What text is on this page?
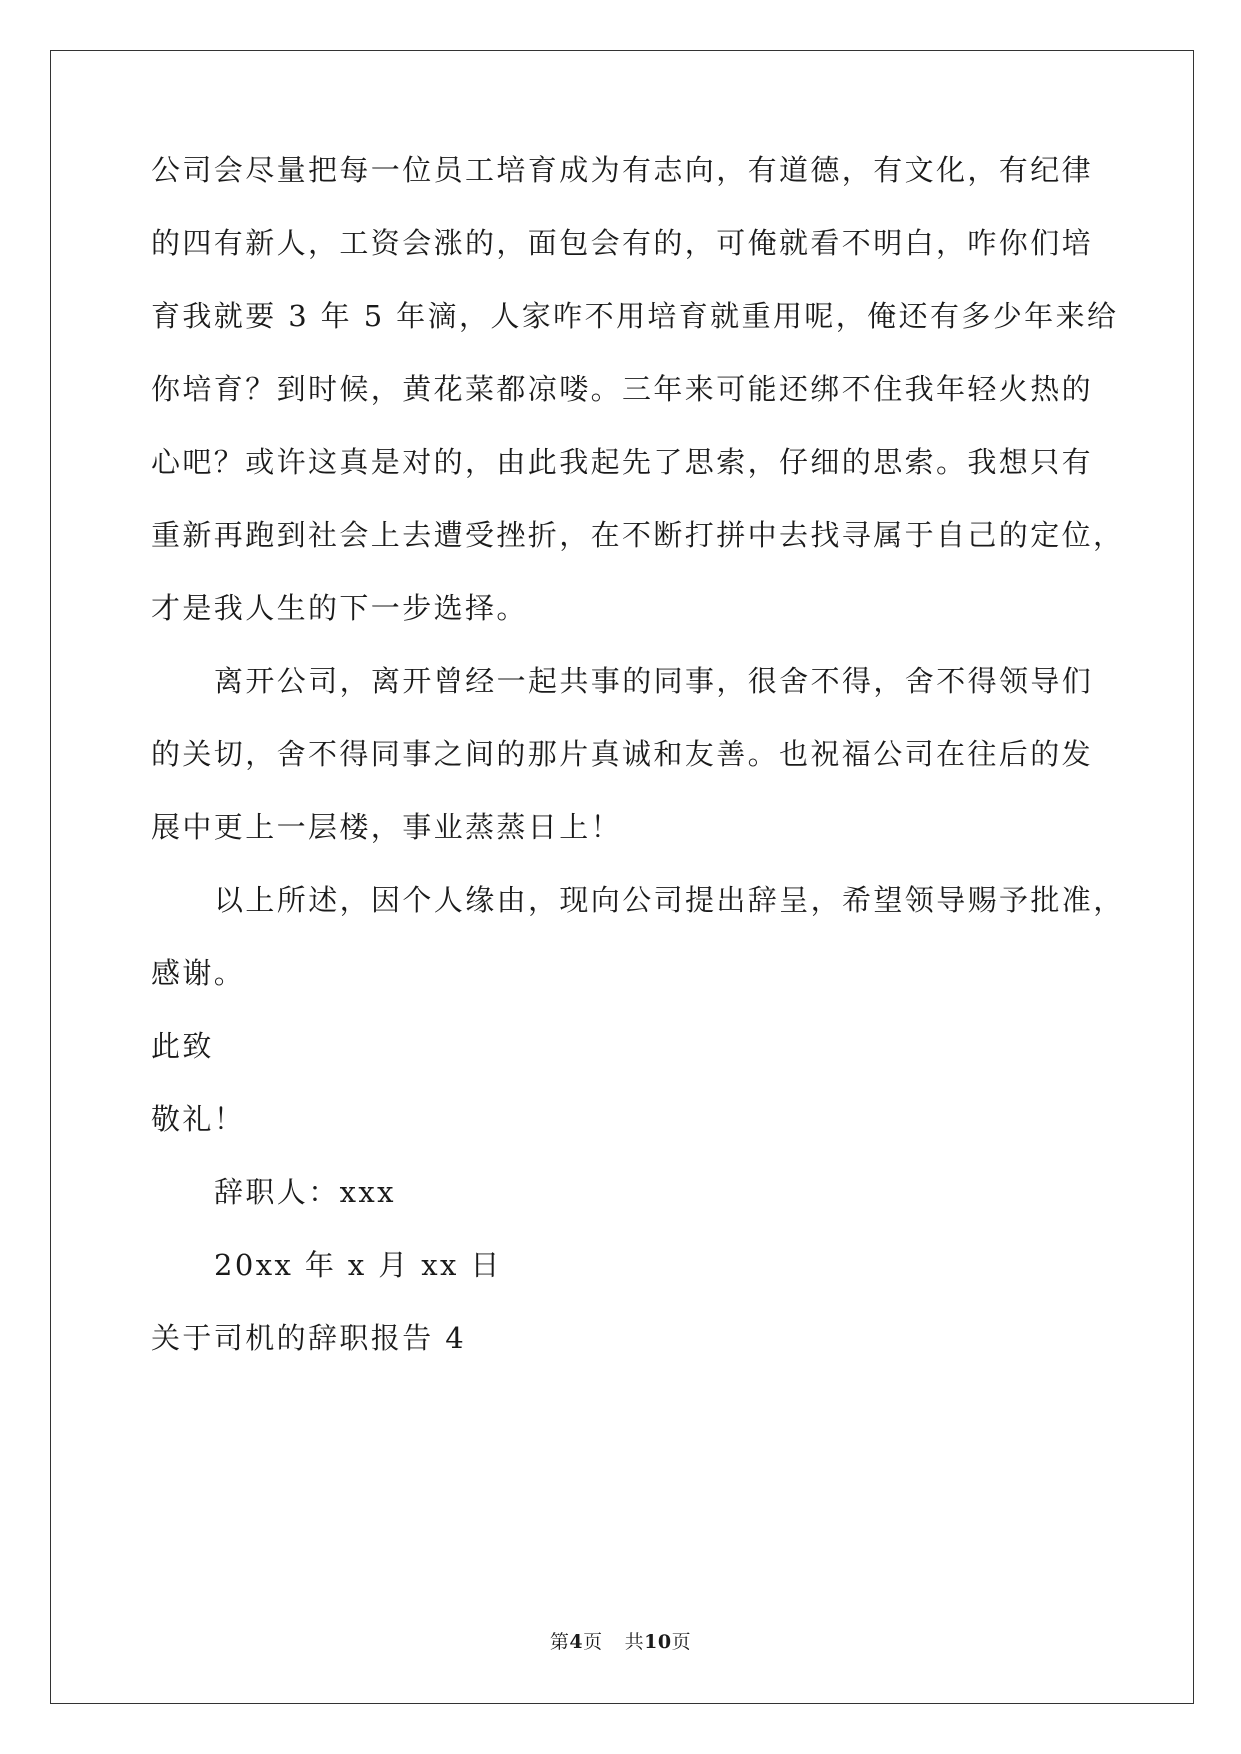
公司会尽量把每一位员工培育成为有志向，有道德，有文化，有纪律
的四有新人，工资会涨的，面包会有的，可俺就看不明白，咋你们培
育我就要 3 年 5 年滴，人家咋不用培育就重用呢，俺还有多少年来给
你培育？到时候，黄花菜都凉喽。三年来可能还绑不住我年轻火热的
心吧？或许这真是对的，由此我起先了思索，仔细的思索。我想只有
重新再跑到社会上去遭受挫折，在不断打拼中去找寻属于自己的定位，
才是我人生的下一步选择。
离开公司，离开曾经一起共事的同事，很舍不得，舍不得领导们
的关切，舍不得同事之间的那片真诚和友善。也祝福公司在往后的发
展中更上一层楼，事业蒸蒸日上！
以上所述，因个人缘由，现向公司提出辞呈，希望领导赐予批准，
感谢。
此致
敬礼！
辞职人：xxx
20xx 年 x 月 xx 日
关于司机的辞职报告 4
第4页 共10页
